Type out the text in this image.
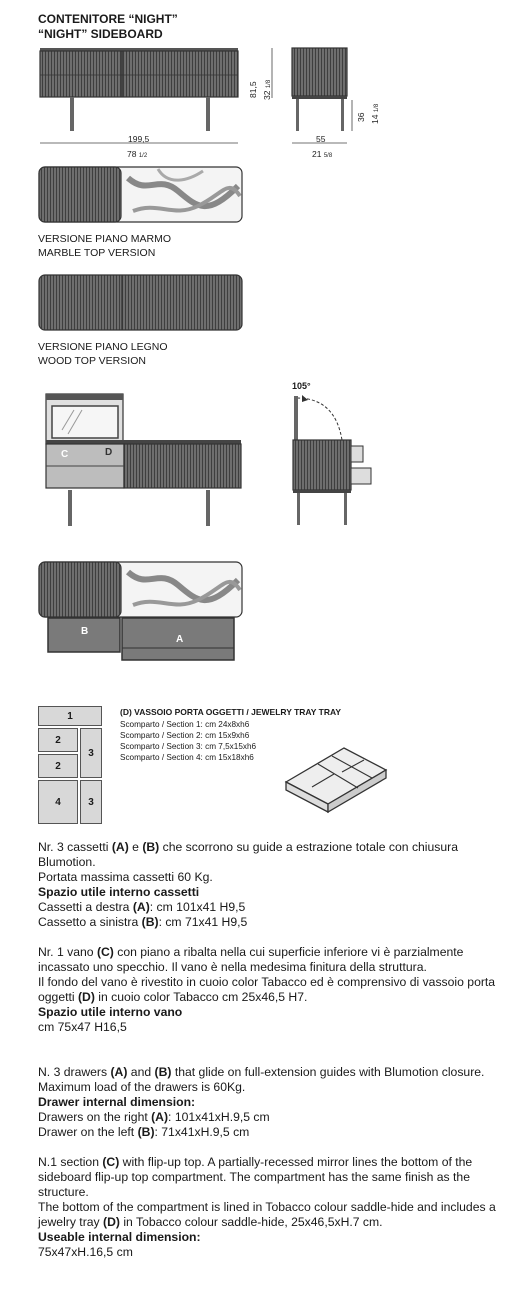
CONTENITORE “NIGHT”
“NIGHT” SIDEBOARD
199,5
78 1/2
55
21 5/8
81,5 32 1/8
36 14 1/8
VERSIONE PIANO MARMO
MARBLE TOP VERSION
VERSIONE PIANO LEGNO
WOOD TOP VERSION
C	D
105°
B
A
1
2
2
3
4	3
(D) VASSOIO PORTA OGGETTI / JEWELRY TRAY TRAY
Scomparto / Section 1: cm 24x8xh6
Scomparto / Section 2: cm 15x9xh6
Scomparto / Section 3: cm 7,5x15xh6
Scomparto / Section 4: cm 15x18xh6

Nr. 3 cassetti (A) e (B) che scorrono su guide a estrazione totale con chiusura Blumotion.

Portata massima cassetti 60 Kg.

Spazio utile interno cassetti

Cassetti a destra (A): cm 101x41 H9,5

Cassetto a sinistra (B): cm 71x41 H9,5

Nr. 1 vano (C) con piano a ribalta nella cui superficie inferiore vi è parzialmente incassato uno specchio. Il vano è nella medesima finitura della struttura.

Il fondo del vano è rivestito in cuoio color Tabacco ed è comprensivo di vassoio porta oggetti (D) in cuoio color Tabacco cm 25x46,5 H7.

Spazio utile interno vano

cm 75x47 H16,5

N. 3 drawers (A) and (B) that glide on full-extension guides with Blumotion closure.

Maximum load of the drawers is 60Kg.

Drawer internal dimension:

Drawers on the right (A): 101x41xH.9,5 cm

Drawer on the left (B): 71x41xH.9,5 cm

N.1 section (C) with flip-up top. A partially-recessed mirror lines the bottom of the sideboard flip-up top compartment. The compartment has the same finish as the structure.

The bottom of the compartment is lined in Tobacco colour saddle-hide and includes a jewelry tray (D) in Tobacco colour saddle-hide, 25x46,5xH.7 cm.

Useable internal dimension:

75x47xH.16,5 cm
